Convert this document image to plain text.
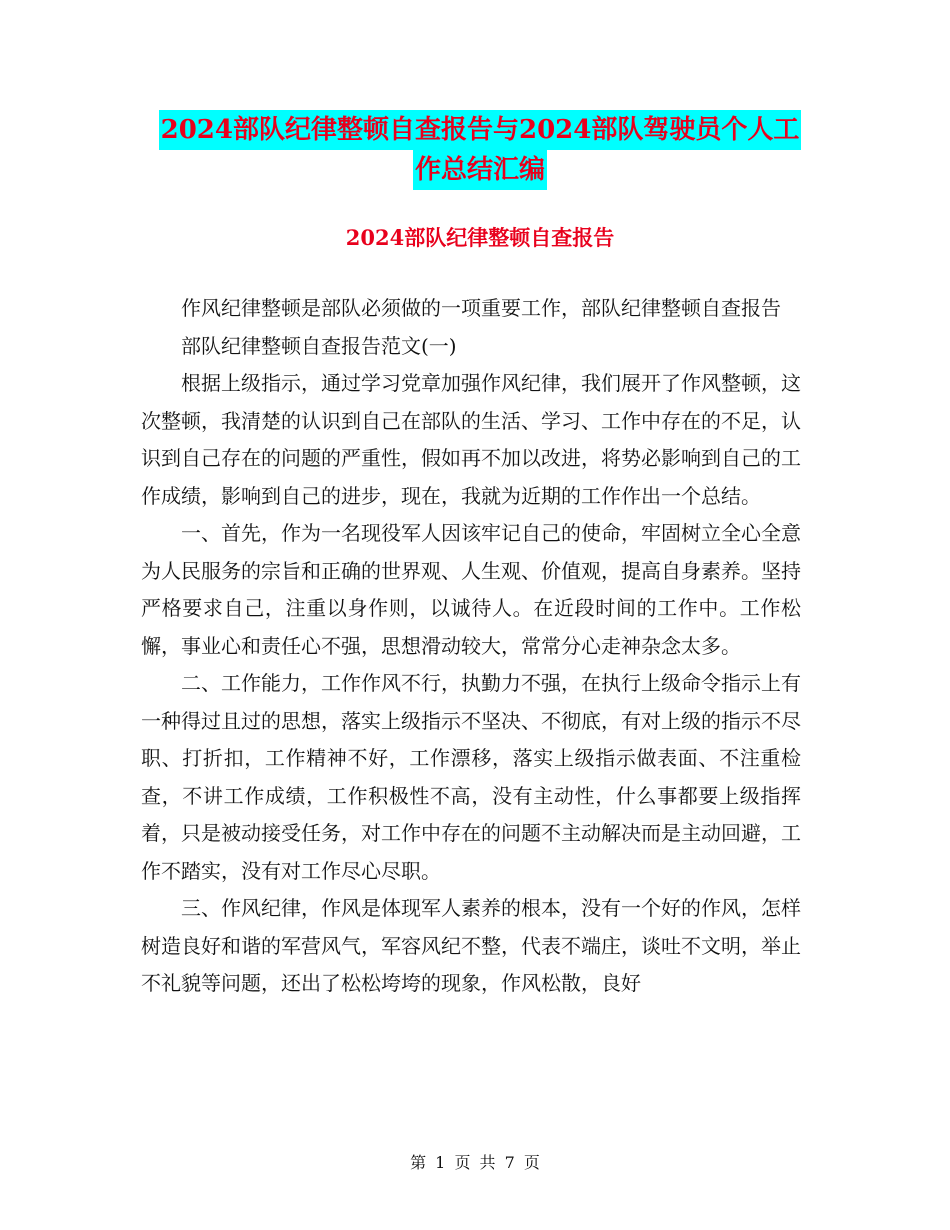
2024部队纪律整顿自查报告与2024部队驾驶员个人工
作总结汇编
2024部队纪律整顿自查报告

作风纪律整顿是部队必须做的一项重要工作，部队纪律整顿自查报告

部队纪律整顿自查报告范文(一)

根据上级指示，通过学习党章加强作风纪律，我们展开了作风整顿，这次整顿，我清楚的认识到自己在部队的生活、学习、工作中存在的不足，认识到自己存在的问题的严重性，假如再不加以改进，将势必影响到自己的工作成绩，影响到自己的进步，现在，我就为近期的工作作出一个总结。

一、首先，作为一名现役军人因该牢记自己的使命，牢固树立全心全意为人民服务的宗旨和正确的世界观、人生观、价值观，提高自身素养。坚持严格要求自己，注重以身作则，以诚待人。在近段时间的工作中。工作松懈，事业心和责任心不强，思想滑动较大，常常分心走神杂念太多。

二、工作能力，工作作风不行，执勤力不强，在执行上级命令指示上有一种得过且过的思想，落实上级指示不坚决、不彻底，有对上级的指示不尽职、打折扣，工作精神不好，工作漂移，落实上级指示做表面、不注重检查，不讲工作成绩，工作积极性不高，没有主动性，什么事都要上级指挥着，只是被动接受任务，对工作中存在的问题不主动解决而是主动回避，工作不踏实，没有对工作尽心尽职。

三、作风纪律，作风是体现军人素养的根本，没有一个好的作风，怎样树造良好和谐的军营风气，军容风纪不整，代表不端庄，谈吐不文明，举止不礼貌等问题，还出了松松垮垮的现象，作风松散，良好

第 1 页 共 7 页
